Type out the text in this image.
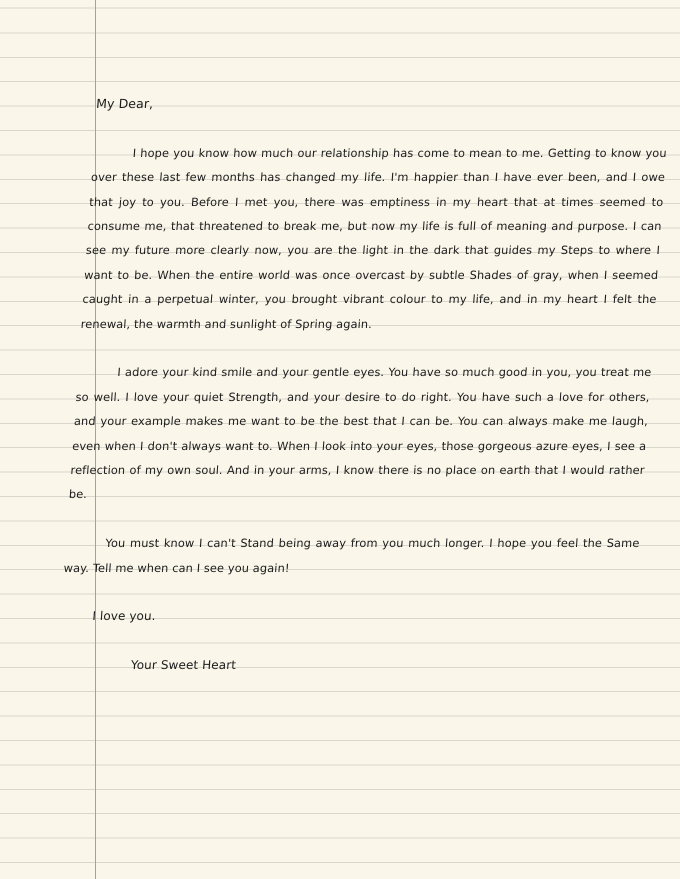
My Dear,

I hope you know how much our relationship has come to mean to me. Getting to know you over these last few months has changed my life. I'm happier than I have ever been, and I owe that joy to you. Before I met you, there was emptiness in my heart that at times seemed to consume me, that threatened to break me, but now my life is full of meaning and purpose. I can see my future more clearly now, you are the light in the dark that guides my Steps to where I want to be. When the entire world was once overcast by subtle Shades of gray, when I seemed caught in a perpetual winter, you brought vibrant colour to my life, and in my heart I felt the renewal, the warmth and sunlight of Spring again.

I adore your kind smile and your gentle eyes. You have so much good in you, you treat me so well. I love your quiet Strength, and your desire to do right. You have such a love for others, and your example makes me want to be the best that I can be. You can always make me laugh, even when I don't always want to. When I look into your eyes, those gorgeous azure eyes, I see a reflection of my own soul. And in your arms, I know there is no place on earth that I would rather be.

You must know I can't Stand being away from you much longer. I hope you feel the Same way. Tell me when can I see you again!

I love you.

Your Sweet Heart
